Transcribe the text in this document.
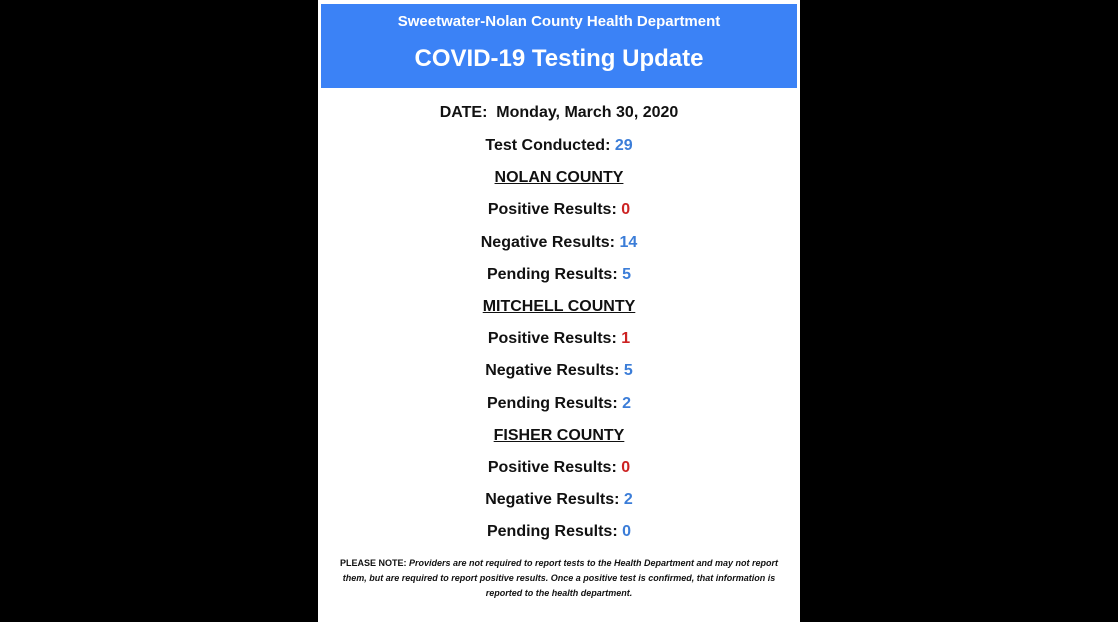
Sweetwater-Nolan County Health Department
COVID-19 Testing Update
DATE: Monday, March 30, 2020
Test Conducted: 29
NOLAN COUNTY
Positive Results: 0
Negative Results: 14
Pending Results: 5
MITCHELL COUNTY
Positive Results: 1
Negative Results: 5
Pending Results: 2
FISHER COUNTY
Positive Results: 0
Negative Results: 2
Pending Results: 0
PLEASE NOTE: Providers are not required to report tests to the Health Department and may not report them, but are required to report positive results. Once a positive test is confirmed, that information is reported to the health department.
